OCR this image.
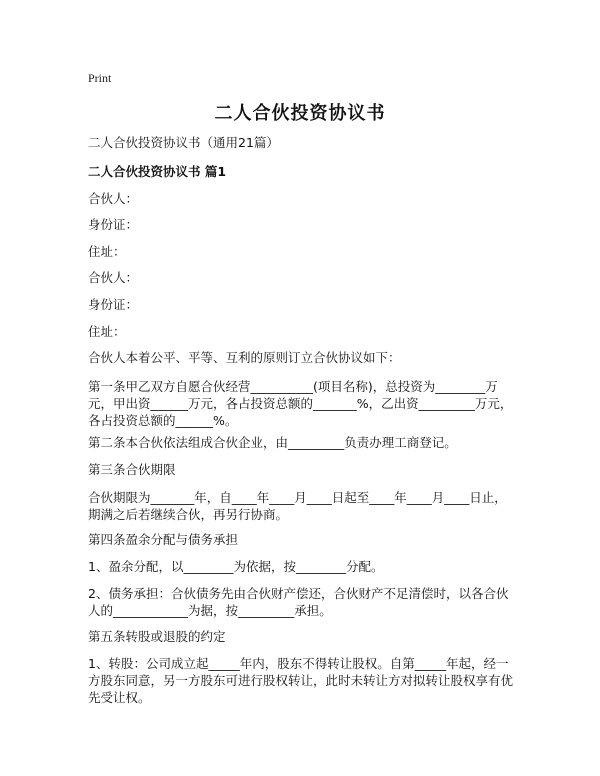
Print
二人合伙投资协议书
二人合伙投资协议书（通用21篇）
二人合伙投资协议书 篇1
合伙人：
身份证：
住址：
合伙人：
身份证：
住址：
合伙人本着公平、平等、互利的原则订立合伙协议如下：
第一条甲乙双方自愿合伙经营__________(项目名称)，总投资为________万元，甲出资______万元，各占投资总额的_______%，乙出资_________万元，各占投资总额的______%。
第二条本合伙依法组成合伙企业，由_________负责办理工商登记。
第三条合伙期限
合伙期限为_______年，自____年____月____日起至____年____月____日止，期满之后若继续合伙，再另行协商。
第四条盈余分配与债务承担
1、盈余分配，以________为依据，按________分配。
2、债务承担：合伙债务先由合伙财产偿还，合伙财产不足清偿时，以各合伙人的____________为据，按_________承担。
第五条转股或退股的约定
1、转股：公司成立起_____年内，股东不得转让股权。自第_____年起，经一方股东同意，另一方股东可进行股权转让，此时未转让方对拟转让股权享有优先受让权。
